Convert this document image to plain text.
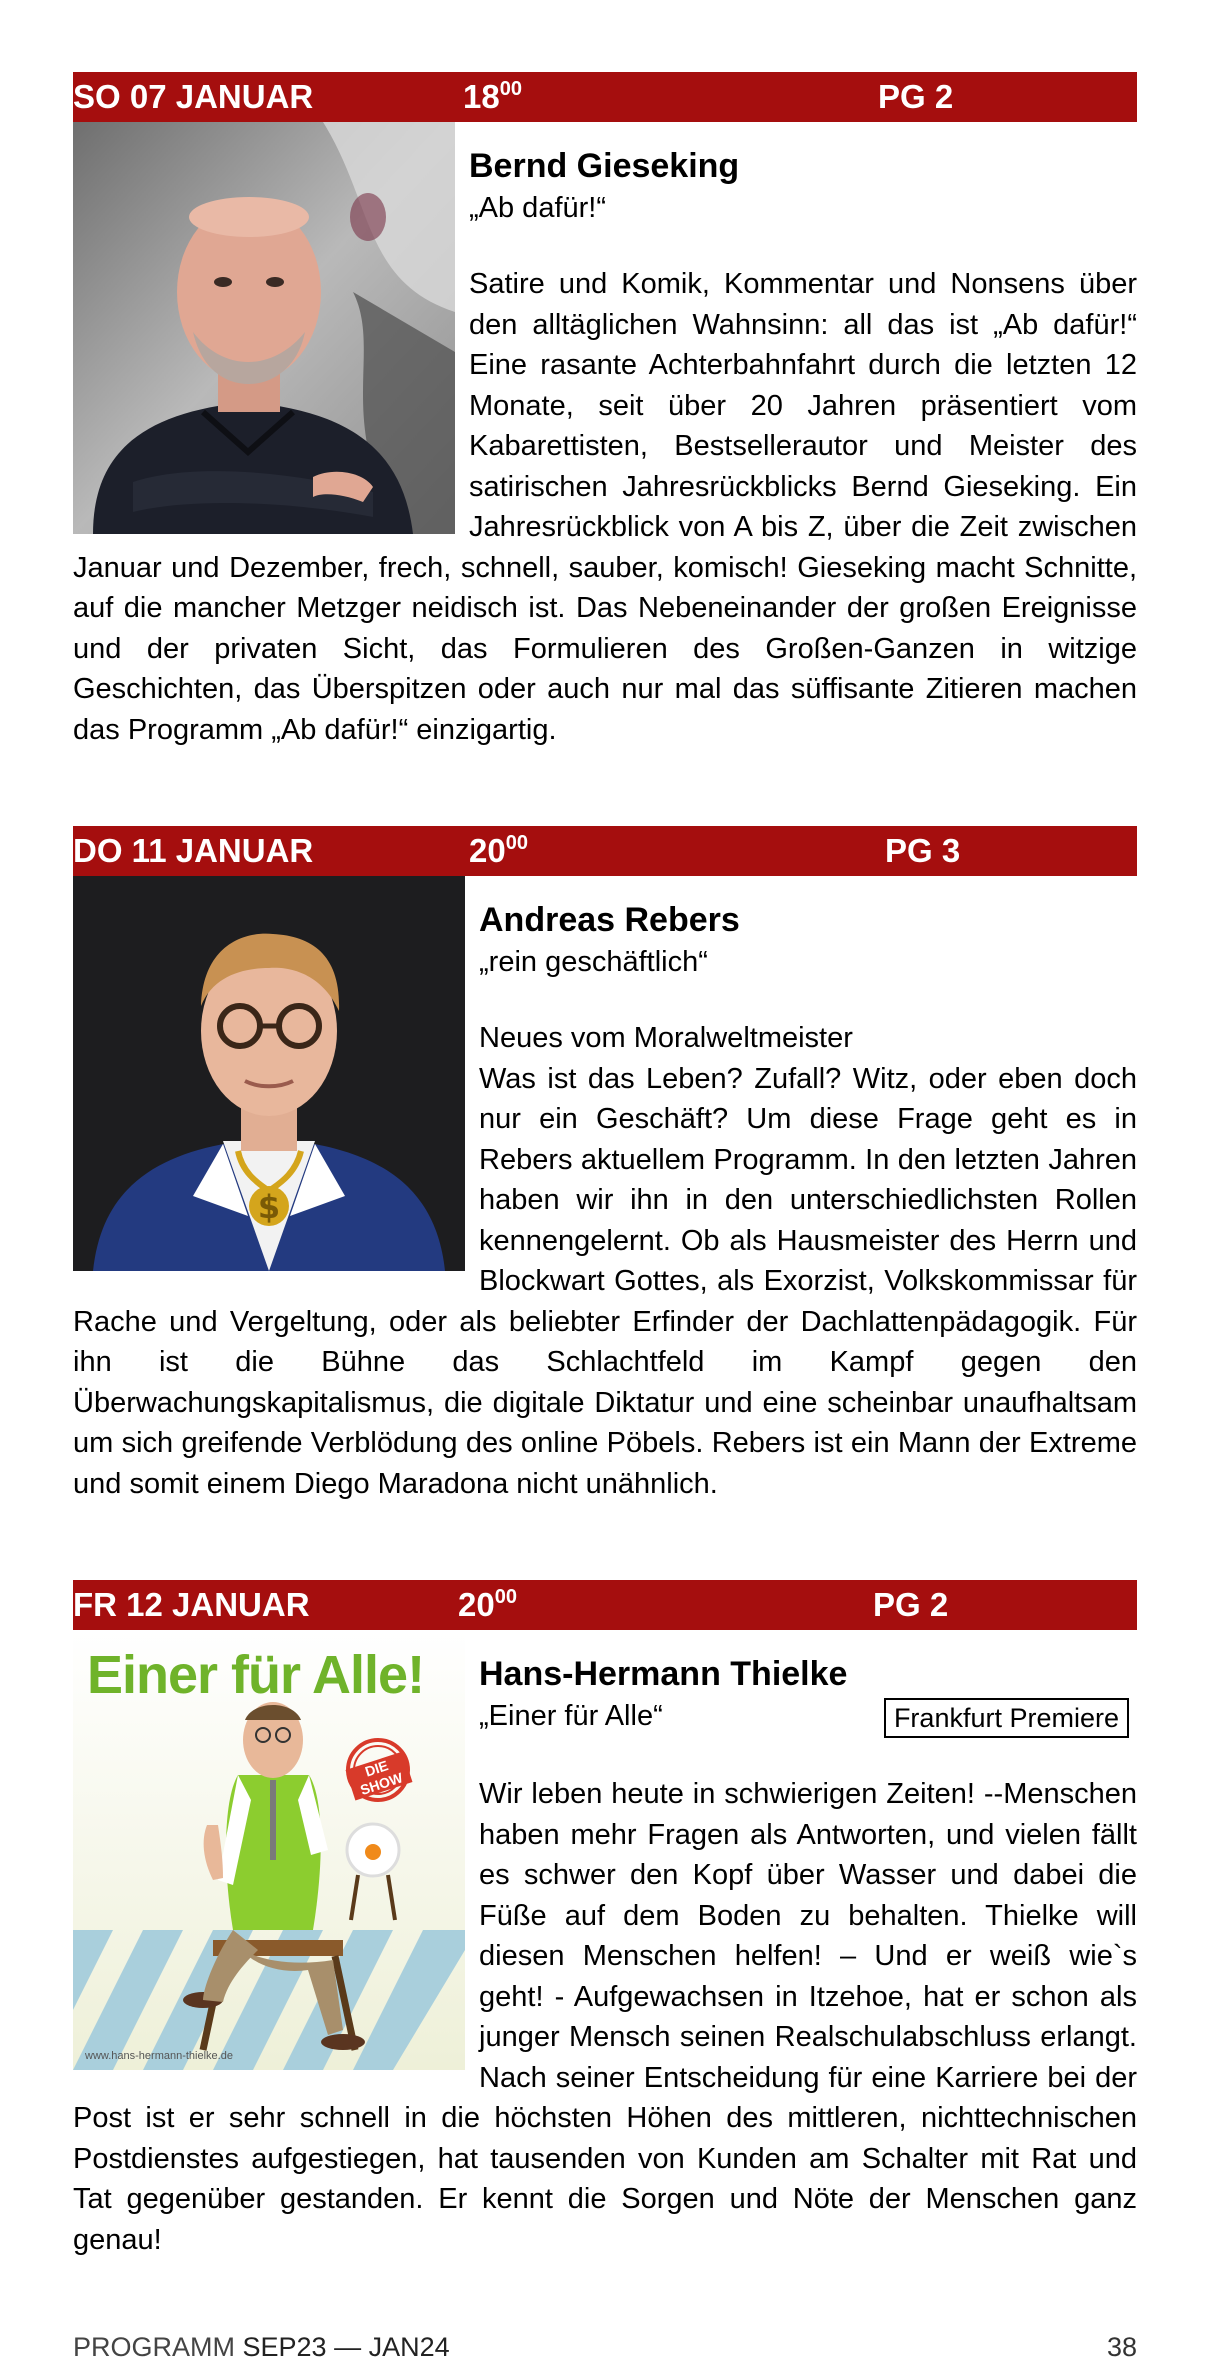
SO 07 JANUAR	$18^{00}$	PG 2
Bernd Gieseking
„Ab dafür!“

Satire und Komik, Kommentar und Nonsens über den alltäglichen Wahnsinn: all das ist „Ab dafür!“ Eine rasante Achterbahnfahrt durch die letzten 12 Monate, seit über 20 Jahren präsentiert vom Kabarettisten, Bestsellerautor und Meister des satirischen Jahresrückblicks Bernd Gieseking. Ein Jahresrückblick von A bis Z, über die Zeit zwischen Januar und Dezember, frech, schnell, sauber, komisch! Gieseking macht Schnitte, auf die mancher Metzger neidisch ist. Das Nebeneinander der großen Ereignisse und der privaten Sicht, das Formulieren des Großen-Ganzen in witzige Geschichten, das Überspitzen oder auch nur mal das süffisante Zitieren machen das Programm „Ab dafür!“ einzigartig.

DO 11 JANUAR	$20^{00}$	PG 3
$
Andreas Rebers
„rein geschäftlich“
Neues vom Moralweltmeister

Was ist das Leben? Zufall? Witz, oder eben doch nur ein Geschäft? Um diese Frage geht es in Rebers aktuellem Programm. In den letzten Jahren haben wir ihn in den unterschiedlichsten Rollen kennengelernt. Ob als Hausmeister des Herrn und Blockwart Gottes, als Exorzist, Volkskommissar für Rache und Vergeltung, oder als beliebter Erfinder der Dachlattenpädagogik. Für ihn ist die Bühne das Schlachtfeld im Kampf gegen den Überwachungskapitalismus, die digitale Diktatur und eine scheinbar unaufhaltsam um sich greifende Verblödung des online Pöbels. Rebers ist ein Mann der Extreme und somit einem Diego Maradona nicht unähnlich.

FR 12 JANUAR	$20^{00}$	PG 2
Einer für Alle!
DIE SHOW
www.hans-hermann-thielke.de
Hans-Hermann Thielke
Frankfurt Premiere
„Einer für Alle“

Wir leben heute in schwierigen Zeiten! --Menschen haben mehr Fragen als Antworten, und vielen fällt es schwer den Kopf über Wasser und dabei die Füße auf dem Boden zu behalten. Thielke will diesen Menschen helfen! – Und er weiß wie`s geht! - Aufgewachsen in Itzehoe, hat er schon als junger Mensch seinen Realschulabschluss erlangt. Nach seiner Entscheidung für eine Karriere bei der Post ist er sehr schnell in die höchsten Höhen des mittleren, nichttechnischen Postdienstes aufgestiegen, hat tausenden von Kunden am Schalter mit Rat und Tat gegenüber gestanden. Er kennt die Sorgen und Nöte der Menschen ganz genau!

PROGRAMM SEP23 — JAN24	38
